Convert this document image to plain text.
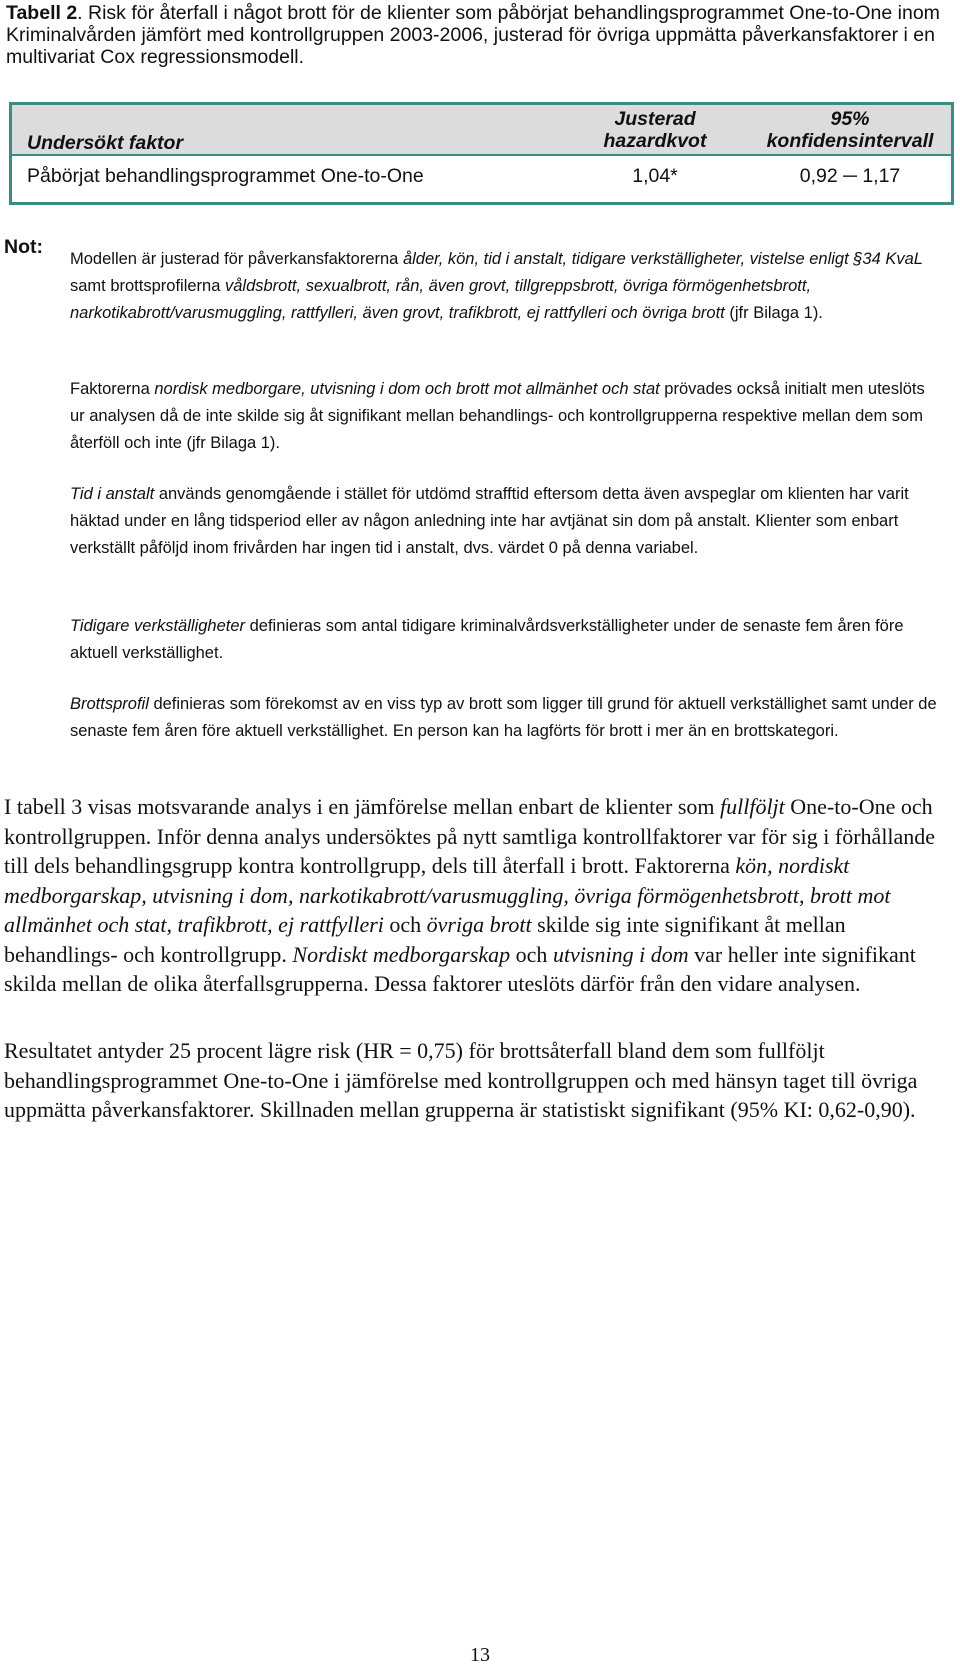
Tabell 2. Risk för återfall i något brott för de klienter som påbörjat behandlingsprogrammet One-to-One inom Kriminalvården jämfört med kontrollgruppen 2003-2006, justerad för övriga uppmätta påverkansfaktorer i en multivariat Cox regressionsmodell.
Undersökt faktor
Justerad
hazardkvot
95%
konfidensintervall
Påbörjat behandlingsprogrammet One-to-One	1,04*	0,92 ─ 1,17
Not:
Modellen är justerad för påverkansfaktorerna ålder, kön, tid i anstalt, tidigare verkställigheter, vistelse enligt §34 KvaL samt brottsprofilerna våldsbrott, sexualbrott, rån, även grovt, tillgreppsbrott, övriga förmögenhetsbrott, narkotikabrott/varusmuggling, rattfylleri, även grovt, trafikbrott, ej rattfylleri och övriga brott (jfr Bilaga 1).
Faktorerna nordisk medborgare, utvisning i dom och brott mot allmänhet och stat prövades också initialt men uteslöts ur analysen då de inte skilde sig åt signifikant mellan behandlings- och kontrollgrupperna respektive mellan dem som återföll och inte (jfr Bilaga 1).
Tid i anstalt används genomgående i stället för utdömd strafftid eftersom detta även avspeglar om klienten har varit häktad under en lång tidsperiod eller av någon anledning inte har avtjänat sin dom på anstalt. Klienter som enbart verkställt påföljd inom frivården har ingen tid i anstalt, dvs. värdet 0 på denna variabel.
Tidigare verkställigheter definieras som antal tidigare kriminalvårdsverkställigheter under de senaste fem åren före aktuell verkställighet.
Brottsprofil definieras som förekomst av en viss typ av brott som ligger till grund för aktuell verkställighet samt under de senaste fem åren före aktuell verkställighet. En person kan ha lagförts för brott i mer än en brottskategori.
I tabell 3 visas motsvarande analys i en jämförelse mellan enbart de klienter som fullföljt One-to-One och kontrollgruppen. Inför denna analys undersöktes på nytt samtliga kontrollfaktorer var för sig i förhållande till dels behandlingsgrupp kontra kontrollgrupp, dels till återfall i brott. Faktorerna kön, nordiskt medborgarskap, utvisning i dom, narkotikabrott/varusmuggling, övriga förmögenhetsbrott, brott mot allmänhet och stat, trafikbrott, ej rattfylleri och övriga brott skilde sig inte signifikant åt mellan behandlings- och kontrollgrupp. Nordiskt medborgarskap och utvisning i dom var heller inte signifikant skilda mellan de olika återfallsgrupperna. Dessa faktorer uteslöts därför från den vidare analysen.
Resultatet antyder 25 procent lägre risk (HR = 0,75) för brottsåterfall bland dem som fullföljt behandlingsprogrammet One-to-One i jämförelse med kontrollgruppen och med hänsyn taget till övriga uppmätta påverkansfaktorer. Skillnaden mellan grupperna är statistiskt signifikant (95% KI: 0,62-0,90).
13
